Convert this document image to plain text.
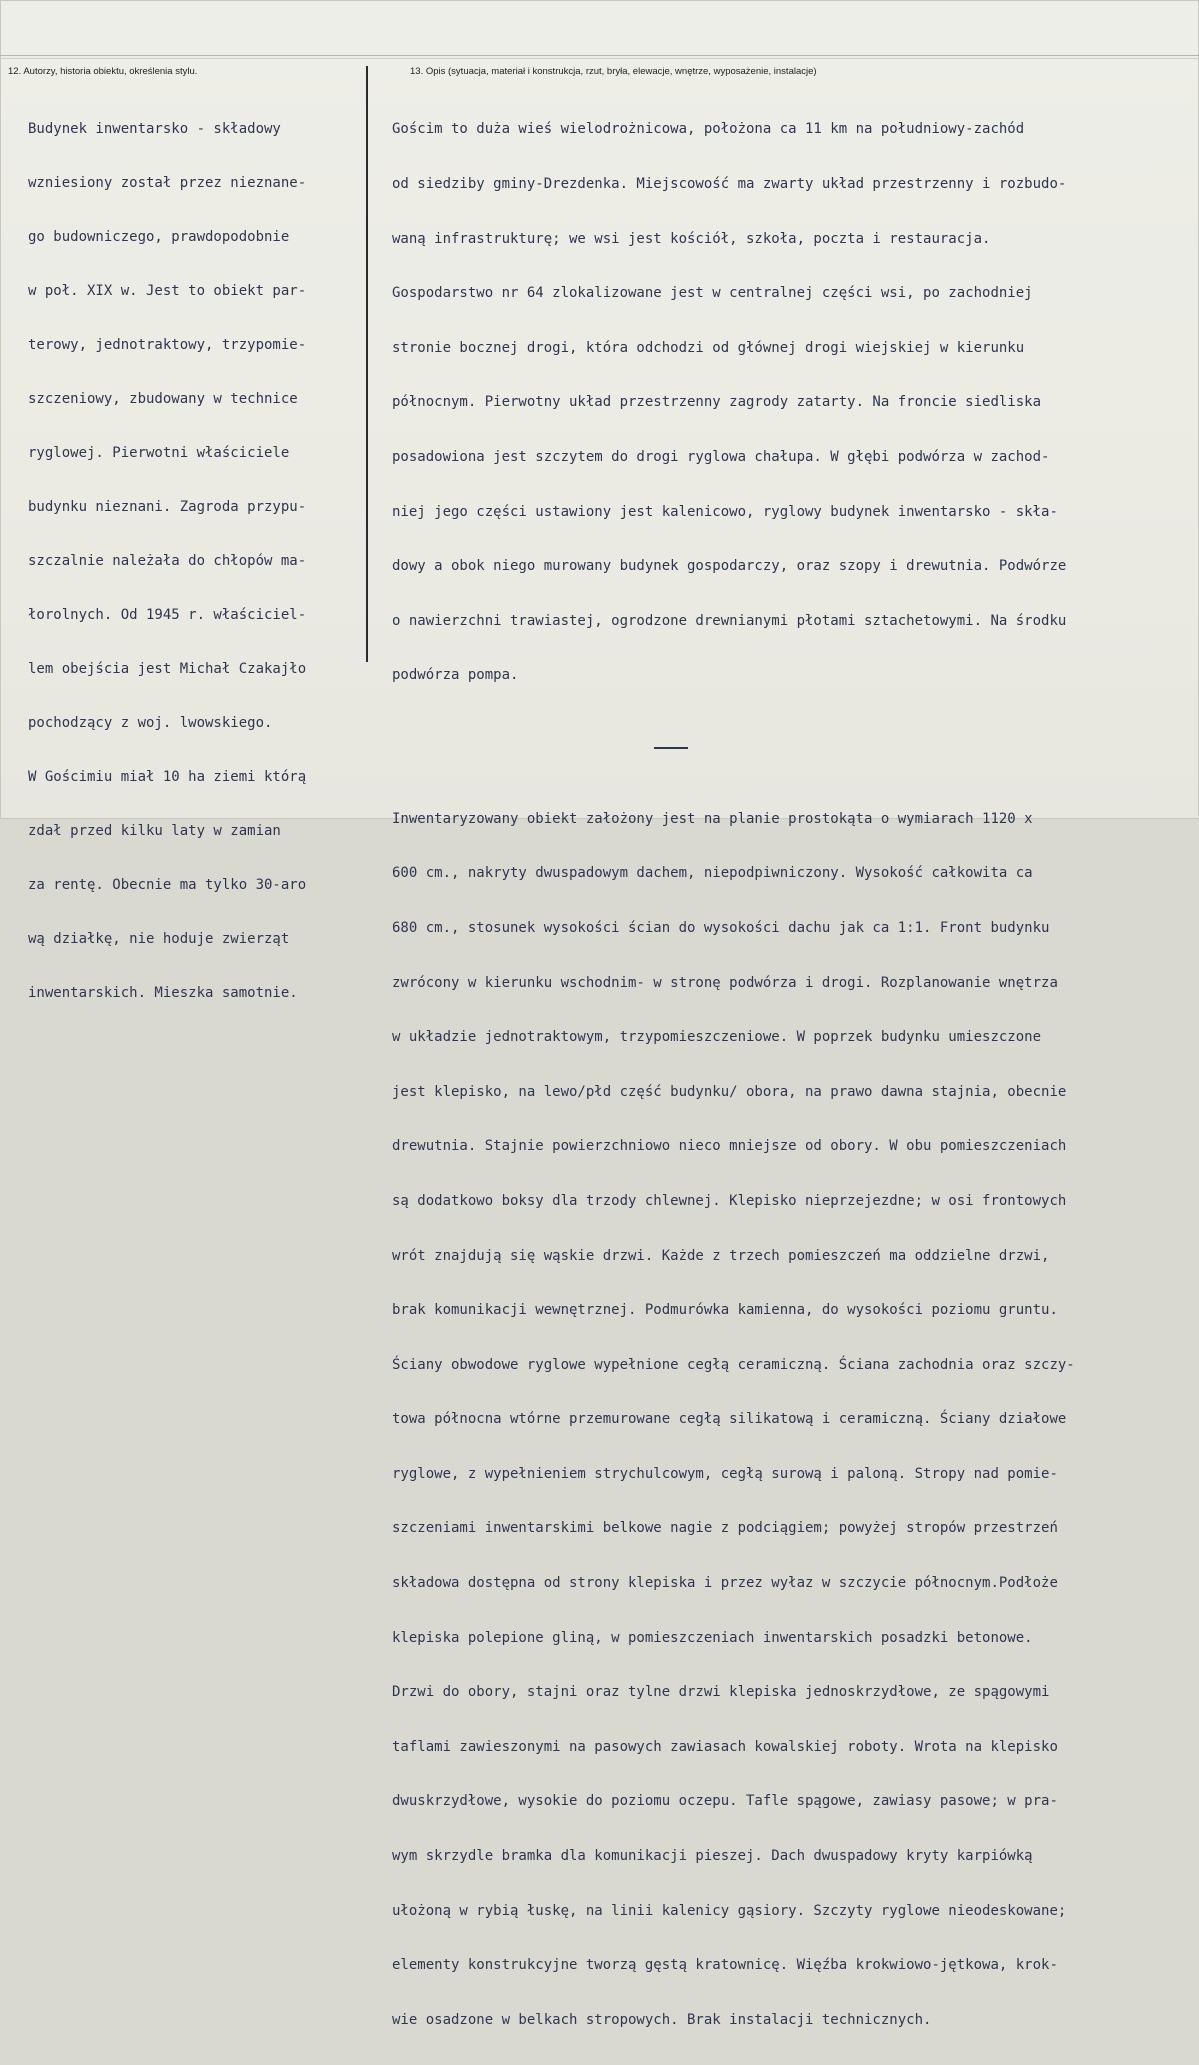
12. Autorzy, historia obiektu, określenia stylu.	13. Opis (sytuacja, materiał i konstrukcja, rzut, bryła, elewacje, wnętrze, wyposażenie, instalacje)

Budynek inwentarsko - składowy

wzniesiony został przez nieznane-

go budowniczego, prawdopodobnie

w poł. XIX w. Jest to obiekt par-

terowy, jednotraktowy, trzypomie-

szczeniowy, zbudowany w technice

ryglowej. Pierwotni właściciele

budynku nieznani. Zagroda przypu-

szczalnie należała do chłopów ma-

łorolnych. Od 1945 r. właściciel-

lem obejścia jest Michał Czakajło

pochodzący z woj. lwowskiego.

W Gościmiu miał 10 ha ziemi którą

zdał przed kilku laty w zamian

za rentę. Obecnie ma tylko 30-aro

wą działkę, nie hoduje zwierząt

inwentarskich. Mieszka samotnie.

Gościm to duża wieś wielodrożnicowa, położona ca 11 km na południowy-zachód

od siedziby gminy-Drezdenka. Miejscowość ma zwarty układ przestrzenny i rozbudo-

waną infrastrukturę; we wsi jest kościół, szkoła, poczta i restauracja.

Gospodarstwo nr 64 zlokalizowane jest w centralnej części wsi, po zachodniej

stronie bocznej drogi, która odchodzi od głównej drogi wiejskiej w kierunku

północnym. Pierwotny układ przestrzenny zagrody zatarty. Na froncie siedliska

posadowiona jest szczytem do drogi ryglowa chałupa. W głębi podwórza w zachod-

niej jego części ustawiony jest kalenicowo, ryglowy budynek inwentarsko - skła-

dowy a obok niego murowany budynek gospodarczy, oraz szopy i drewutnia. Podwórze

o nawierzchni trawiastej, ogrodzone drewnianymi płotami sztachetowymi. Na środku

podwórza pompa.

Inwentaryzowany obiekt założony jest na planie prostokąta o wymiarach 1120 x

600 cm., nakryty dwuspadowym dachem, niepodpiwniczony. Wysokość całkowita ca

680 cm., stosunek wysokości ścian do wysokości dachu jak ca 1:1. Front budynku

zwrócony w kierunku wschodnim- w stronę podwórza i drogi. Rozplanowanie wnętrza

w układzie jednotraktowym, trzypomieszczeniowe. W poprzek budynku umieszczone

jest klepisko, na lewo/płd część budynku/ obora, na prawo dawna stajnia, obecnie

drewutnia. Stajnie powierzchniowo nieco mniejsze od obory. W obu pomieszczeniach

są dodatkowo boksy dla trzody chlewnej. Klepisko nieprzejezdne; w osi frontowych

wrót znajdują się wąskie drzwi. Każde z trzech pomieszczeń ma oddzielne drzwi,

brak komunikacji wewnętrznej. Podmurówka kamienna, do wysokości poziomu gruntu.

Ściany obwodowe ryglowe wypełnione cegłą ceramiczną. Ściana zachodnia oraz szczy-

towa północna wtórne przemurowane cegłą silikatową i ceramiczną. Ściany działowe

ryglowe, z wypełnieniem strychulcowym, cegłą surową i paloną. Stropy nad pomie-

szczeniami inwentarskimi belkowe nagie z podciągiem; powyżej stropów przestrzeń

składowa dostępna od strony klepiska i przez wyłaz w szczycie północnym.Podłoże

klepiska polepione gliną, w pomieszczeniach inwentarskich posadzki betonowe.

Drzwi do obory, stajni oraz tylne drzwi klepiska jednoskrzydłowe, ze spągowymi

taflami zawieszonymi na pasowych zawiasach kowalskiej roboty. Wrota na klepisko

dwuskrzydłowe, wysokie do poziomu oczepu. Tafle spągowe, zawiasy pasowe; w pra-

wym skrzydle bramka dla komunikacji pieszej. Dach dwuspadowy kryty karpiówką

ułożoną w rybią łuskę, na linii kalenicy gąsiory. Szczyty ryglowe nieodeskowane;

elementy konstrukcyjne tworzą gęstą kratownicę. Więźba krokwiowo-jętkowa, krok-

wie osadzone w belkach stropowych. Brak instalacji technicznych.
